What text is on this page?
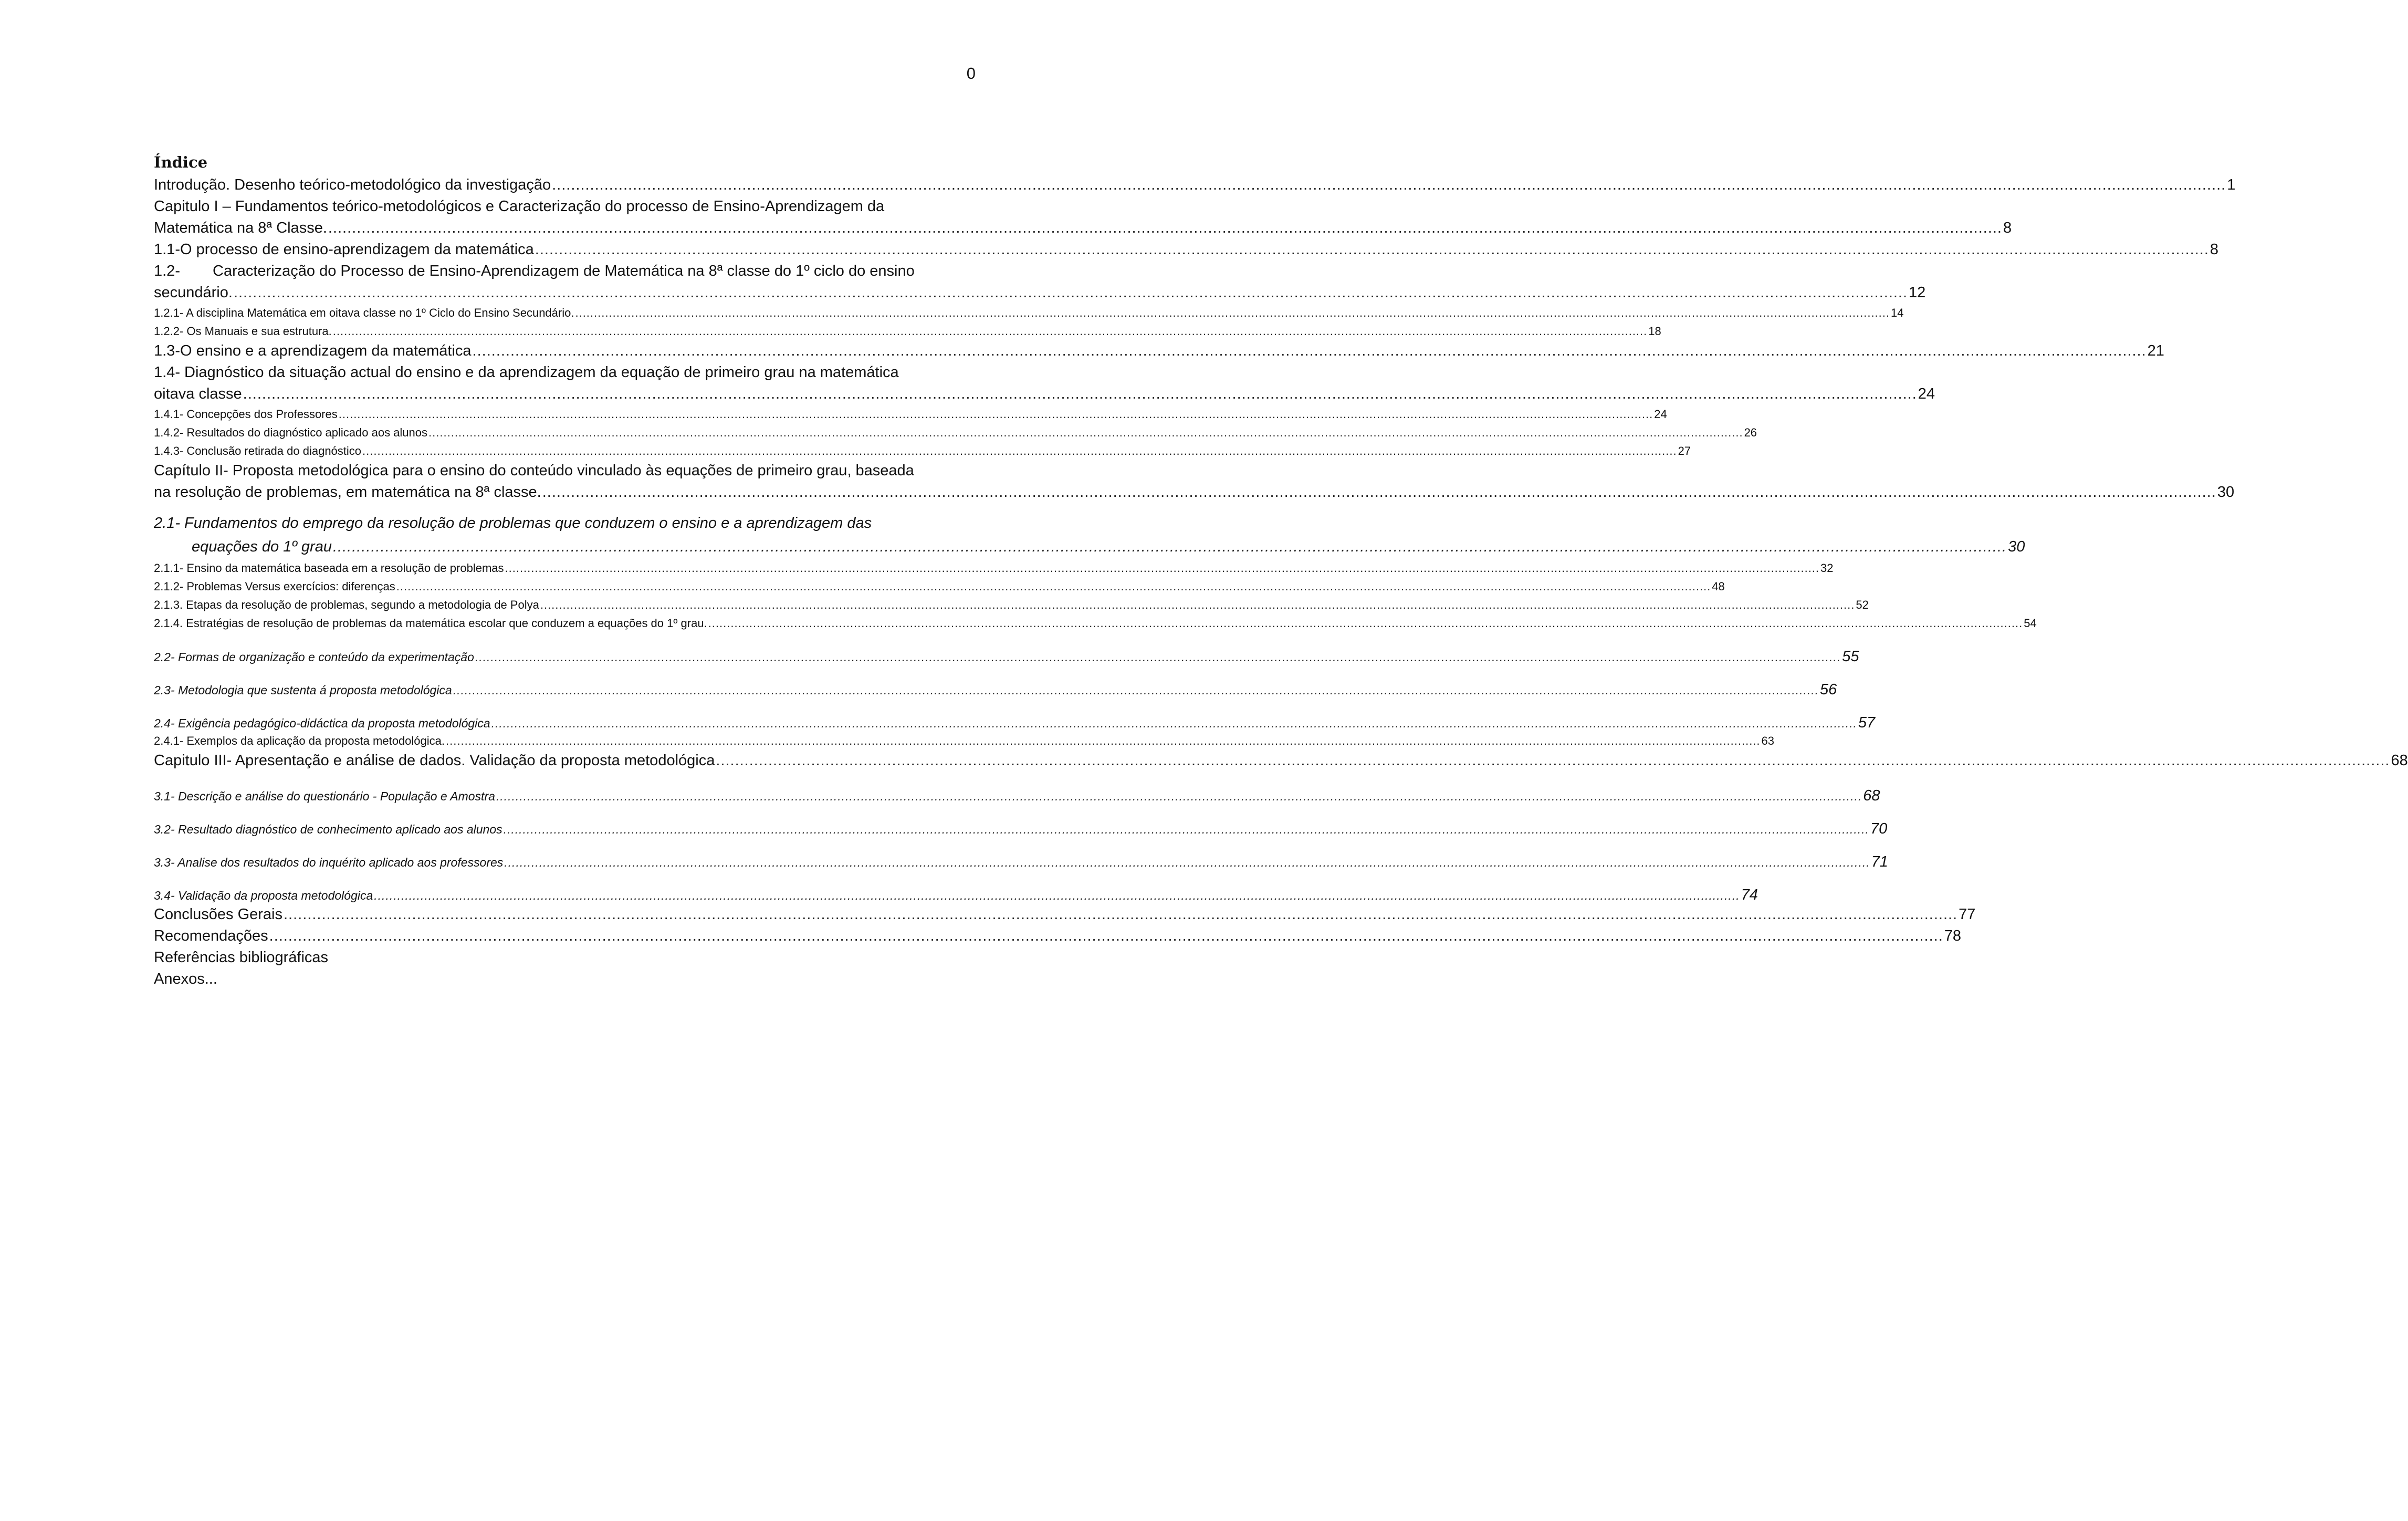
0
Índice
Introdução. Desenho teórico-metodológico da investigação .....	1
Capitulo I – Fundamentos teórico-metodológicos e Caracterização do processo de Ensino-Aprendizagem da
Matemática na 8ª Classe. .....	8
1.1- O processo de ensino-aprendizagem da matemática .....	8
1.2- Caracterização do Processo de Ensino-Aprendizagem de Matemática na 8ª classe do 1º ciclo do ensino
secundário. .....	12
1.2.1- A disciplina Matemática em oitava classe no 1º Ciclo do Ensino Secundário. .....	14
1.2.2- Os Manuais e sua estrutura. .....	18
1.3- O ensino e a aprendizagem da matemática .....	21
1.4- Diagnóstico da situação actual do ensino e da aprendizagem da equação de primeiro grau na matemática
oitava classe .....	24
1.4.1- Concepções dos Professores .....	24
1.4.2- Resultados do diagnóstico aplicado aos alunos .....	26
1.4.3- Conclusão retirada do diagnóstico .....	27
Capítulo II- Proposta metodológica para o ensino do conteúdo vinculado às equações de primeiro grau, baseada
na resolução de problemas, em matemática na 8ª classe. .....	30
2.1- Fundamentos do emprego da resolução de problemas que conduzem o ensino e a aprendizagem das
equações do 1º grau .....	30
2.1.1- Ensino da matemática baseada em a resolução de problemas .....	32
2.1.2- Problemas Versus exercícios: diferenças .....	48
2.1.3. Etapas da resolução de problemas, segundo a metodologia de Polya .....	52
2.1.4. Estratégias de resolução de problemas da matemática escolar que conduzem a equações do 1º grau. .....	54
2.2- Formas de organização e conteúdo da experimentação .....	55
2.3- Metodologia que sustenta á proposta metodológica .....	56
2.4- Exigência pedagógico-didáctica da proposta metodológica .....	57
2.4.1- Exemplos da aplicação da proposta metodológica. .....	63
Capitulo III- Apresentação e análise de dados. Validação da proposta metodológica .....	68
3.1- Descrição e análise do questionário - População e Amostra .....	68
3.2- Resultado diagnóstico de conhecimento aplicado aos alunos .....	70
3.3- Analise dos resultados do inquérito aplicado aos professores .....	71
3.4- Validação da proposta metodológica .....	74
Conclusões Gerais .....	77
Recomendações .....	78
Referências bibliográficas
Anexos...
